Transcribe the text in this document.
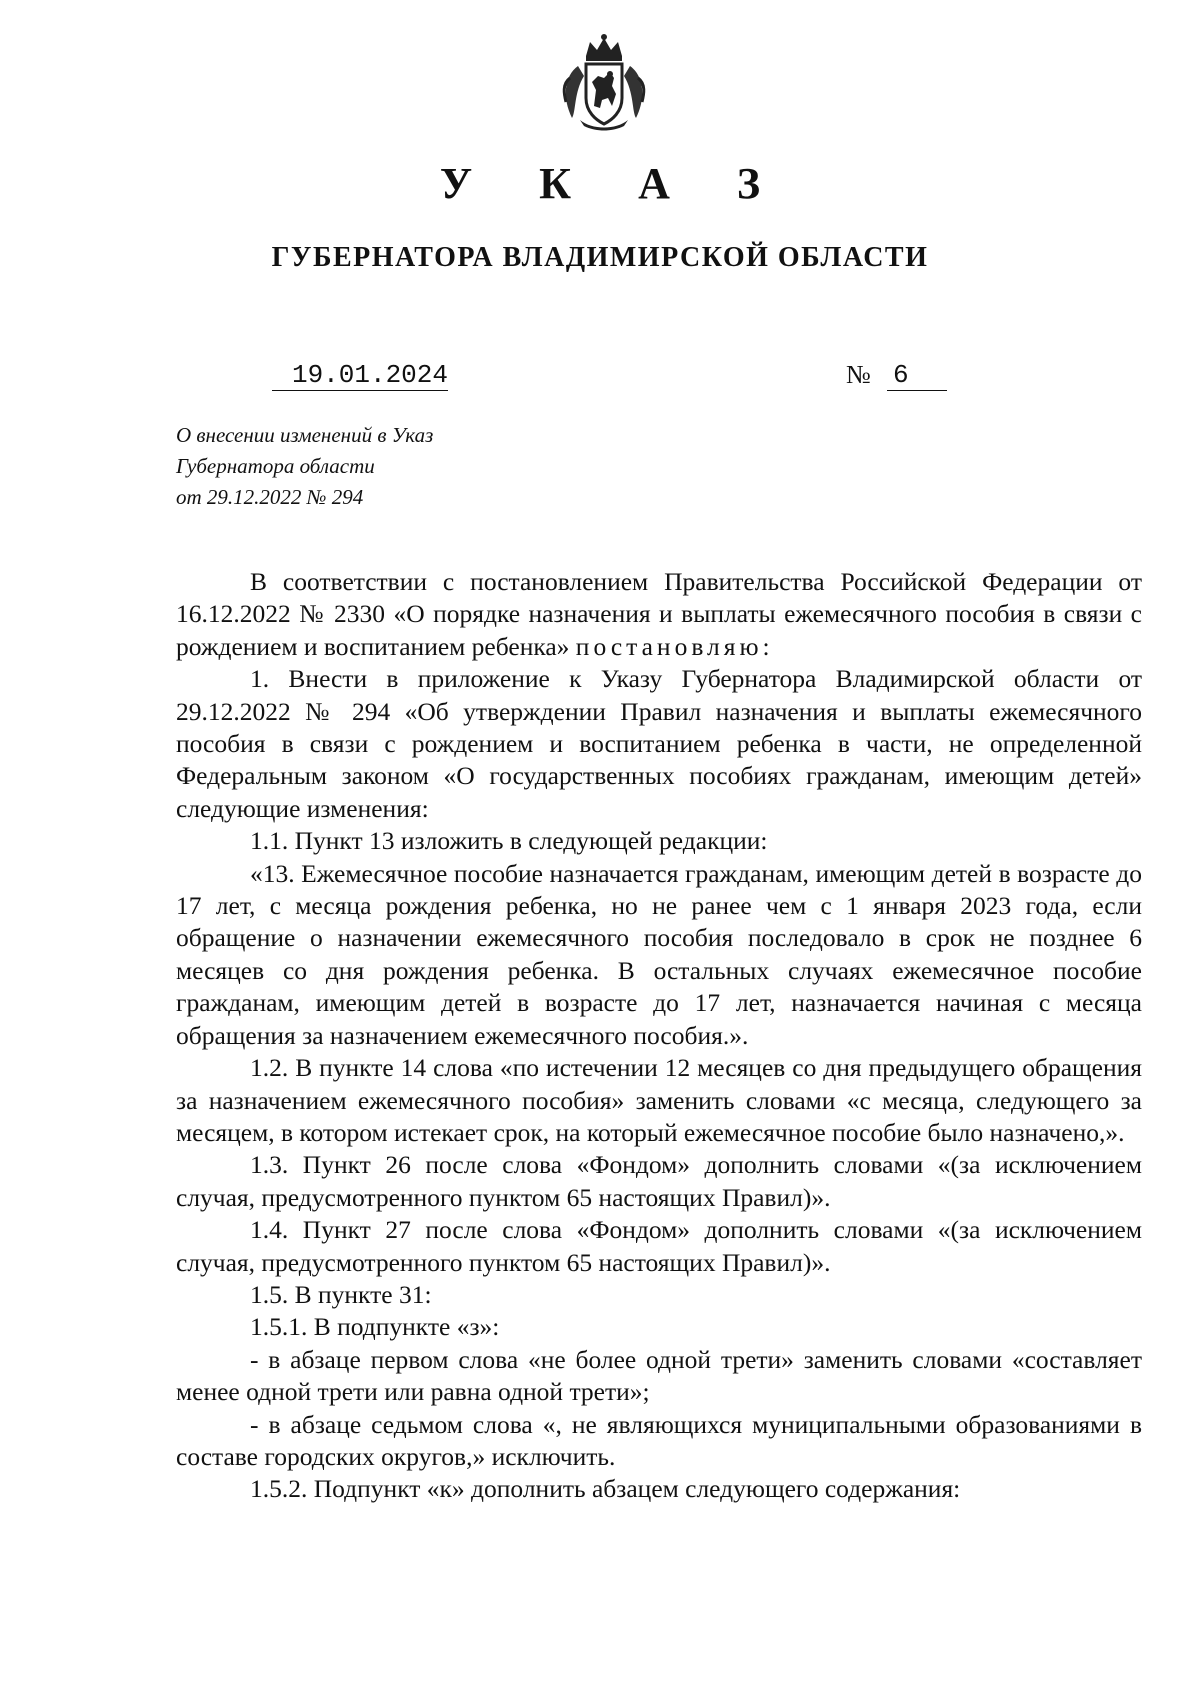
У К А З
ГУБЕРНАТОРА ВЛАДИМИРСКОЙ ОБЛАСТИ
19.01.2024	№ 6
О внесении изменений в Указ
Губернатора области
от 29.12.2022 № 294

В соответствии с постановлением Правительства Российской Федерации от 16.12.2022 № 2330 «О порядке назначения и выплаты ежемесячного пособия в связи с рождением и воспитанием ребенка» постановляю:

1. Внести в приложение к Указу Губернатора Владимирской области от 29.12.2022 № 294 «Об утверждении Правил назначения и выплаты ежемесячного пособия в связи с рождением и воспитанием ребенка в части, не определенной Федеральным законом «О государственных пособиях гражданам, имеющим детей» следующие изменения:

1.1. Пункт 13 изложить в следующей редакции:

«13. Ежемесячное пособие назначается гражданам, имеющим детей в возрасте до 17 лет, с месяца рождения ребенка, но не ранее чем с 1 января 2023 года, если обращение о назначении ежемесячного пособия последовало в срок не позднее 6 месяцев со дня рождения ребенка. В остальных случаях ежемесячное пособие гражданам, имеющим детей в возрасте до 17 лет, назначается начиная с месяца обращения за назначением ежемесячного пособия.».

1.2. В пункте 14 слова «по истечении 12 месяцев со дня предыдущего обращения за назначением ежемесячного пособия» заменить словами «с месяца, следующего за месяцем, в котором истекает срок, на который ежемесячное пособие было назначено,».

1.3. Пункт 26 после слова «Фондом» дополнить словами «(за исключением случая, предусмотренного пунктом 65 настоящих Правил)».

1.4. Пункт 27 после слова «Фондом» дополнить словами «(за исключением случая, предусмотренного пунктом 65 настоящих Правил)».

1.5. В пункте 31:

1.5.1. В подпункте «з»:

- в абзаце первом слова «не более одной трети» заменить словами «составляет менее одной трети или равна одной трети»;

- в абзаце седьмом слова «, не являющихся муниципальными образованиями в составе городских округов,» исключить.

1.5.2. Подпункт «к» дополнить абзацем следующего содержания:
